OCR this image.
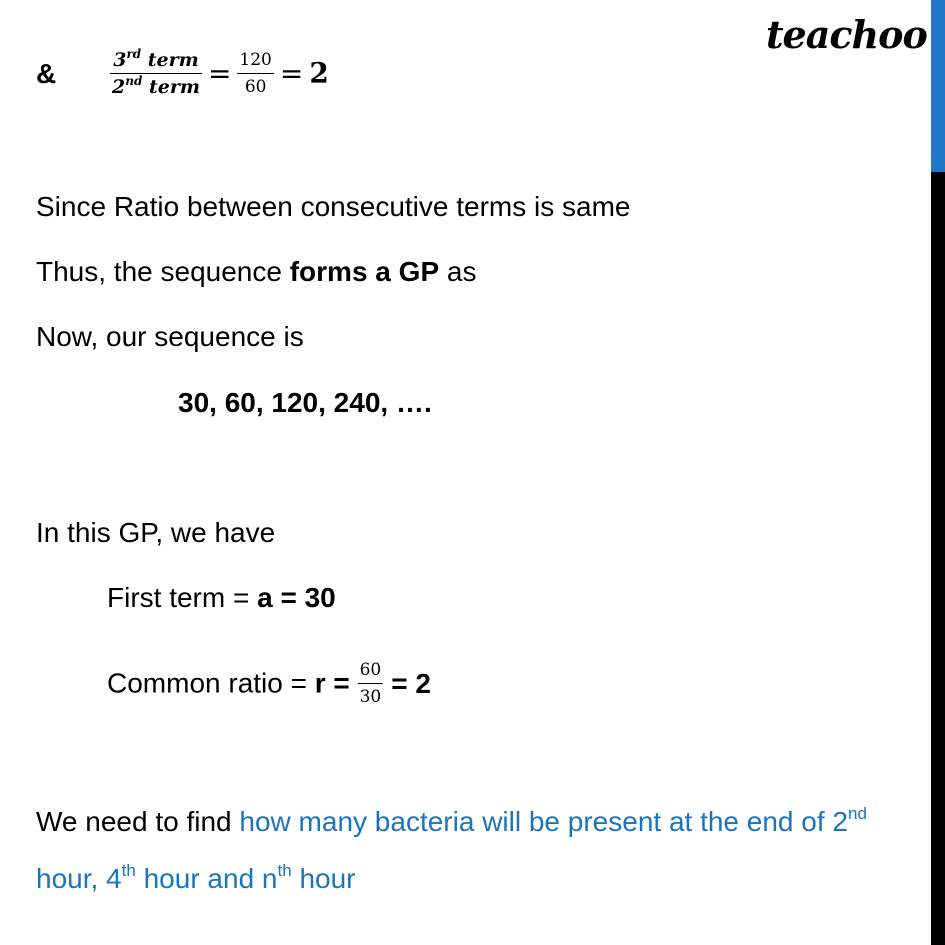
teachoo
&	$\frac{3^{rd} term}{2^{nd} term} = \frac{120}{60} = 2$
Since Ratio between consecutive terms is same
Thus, the sequence forms a GP as
Now, our sequence is
30, 60, 120, 240, ….
In this GP, we have
First term = a = 30
Common ratio = $r = \frac{60}{30} = 2$
We need to find how many bacteria will be present at the end of 2nd
hour, 4th hour and $n^{th}$ hour
